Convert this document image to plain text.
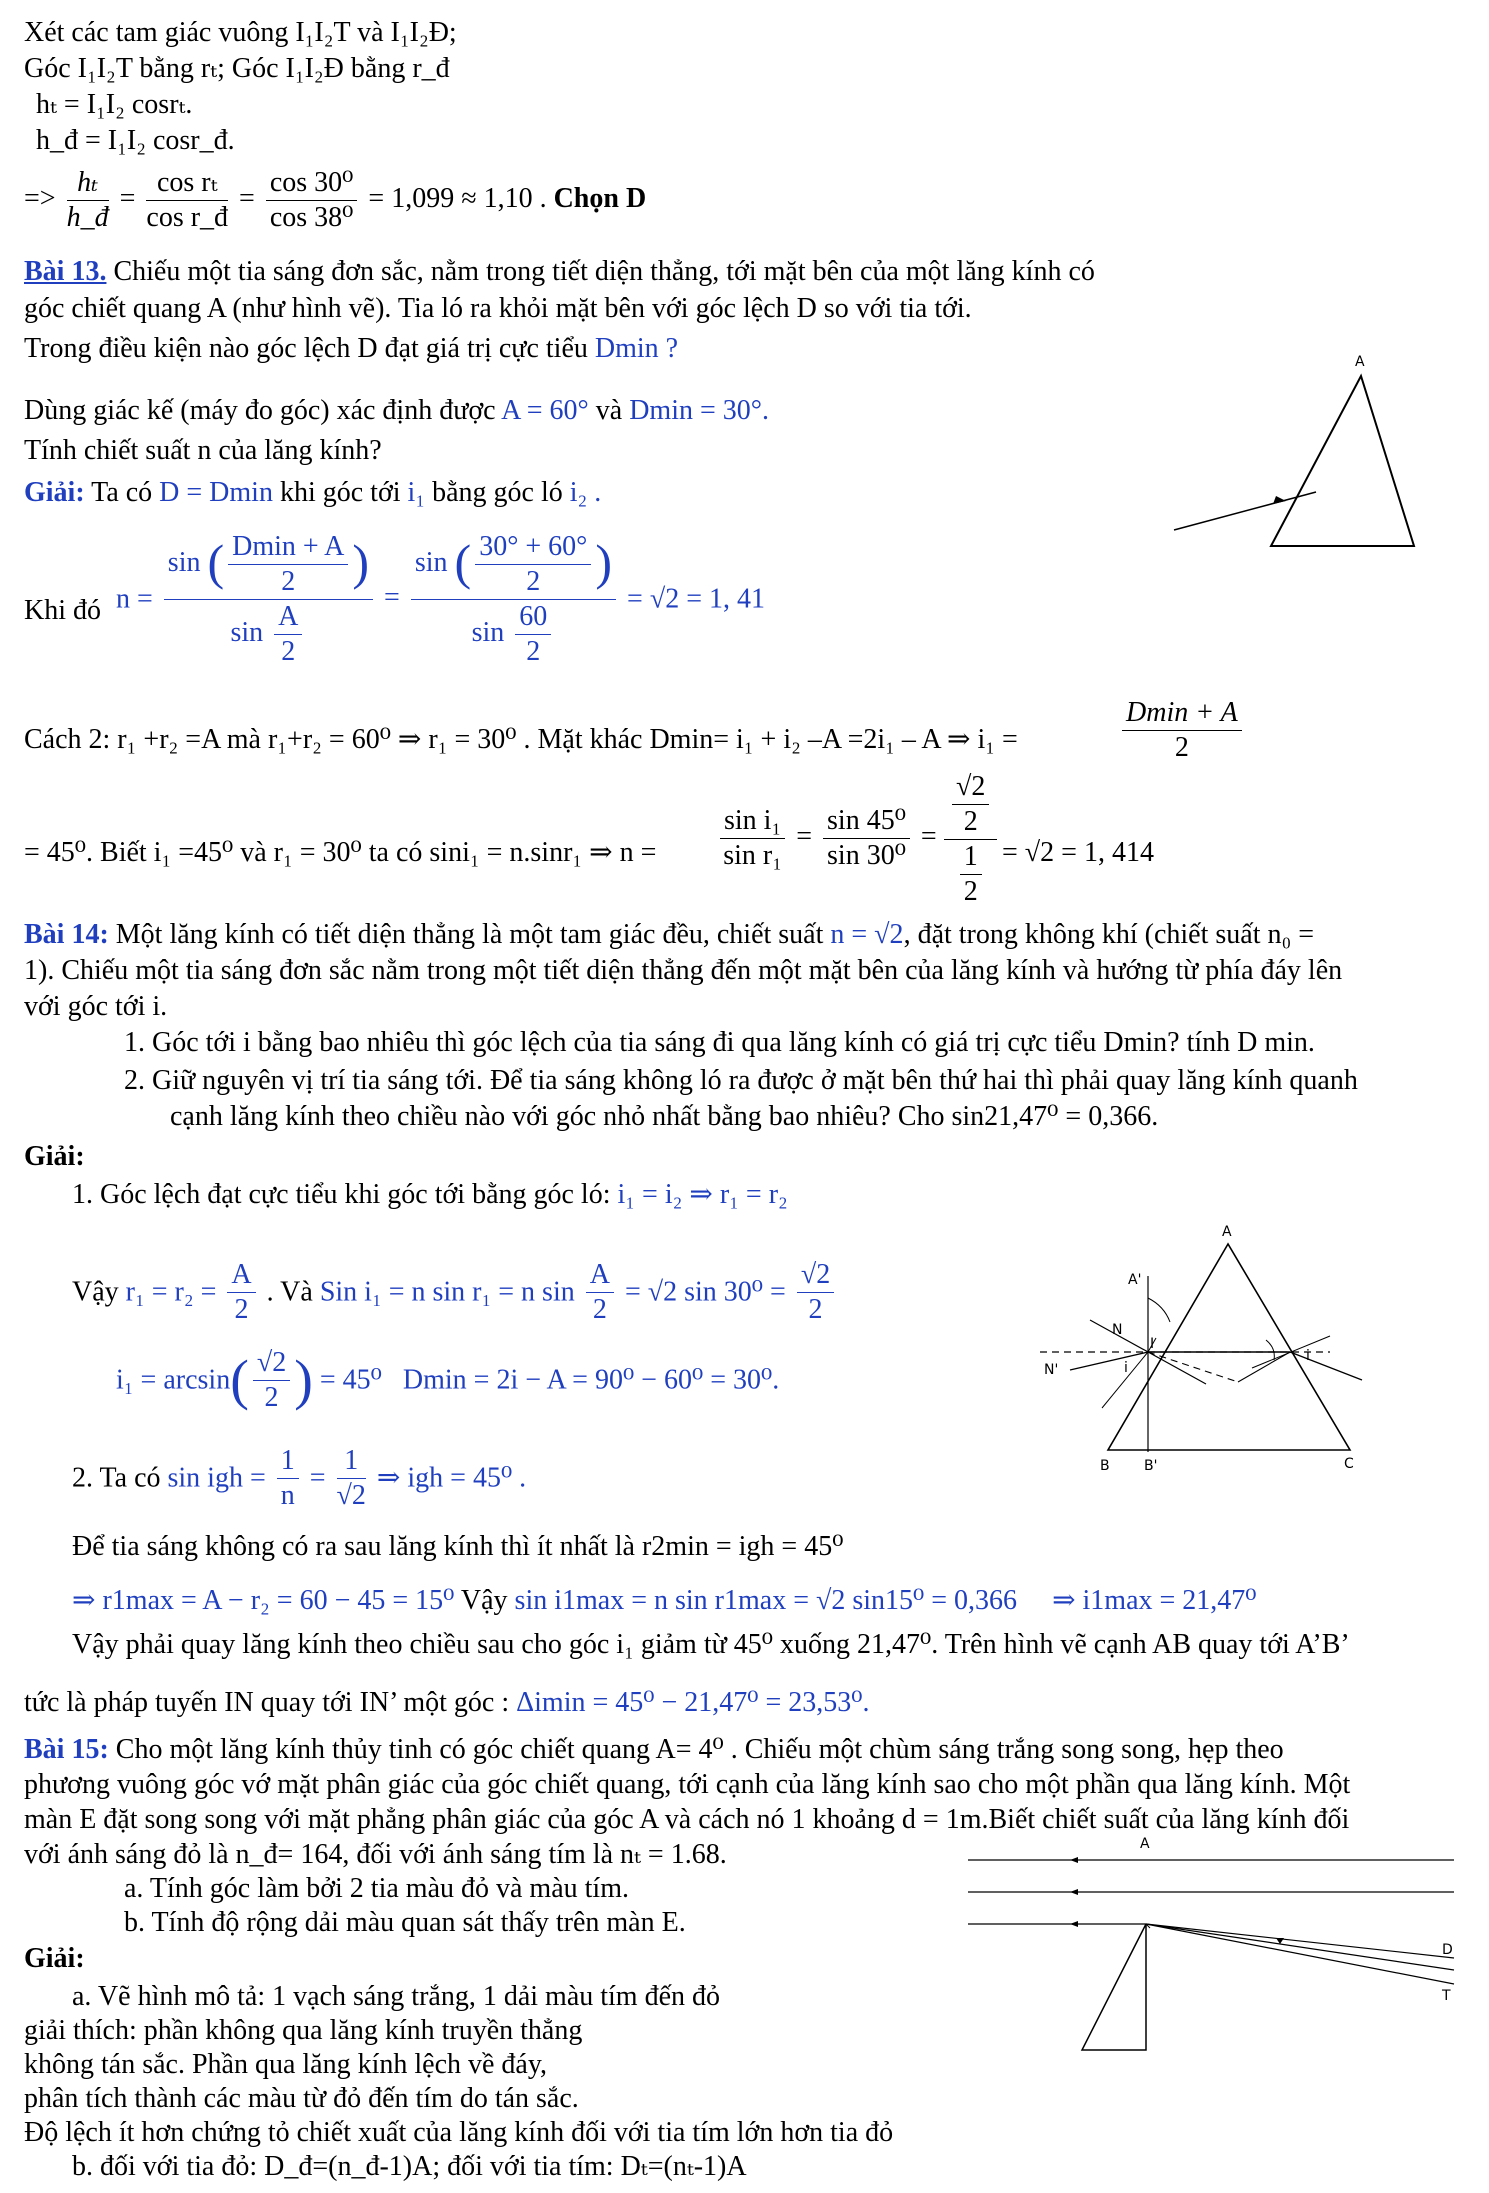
Xét các tam giác vuông I₁I₂T và I₁I₂Đ;
Góc I₁I₂T bằng rₜ; Góc I₁I₂Đ bằng r_đ
hₜ = I₁I₂ cosrₜ.
h_đ = I₁I₂ cosr_đ.
=> $\frac{\text{hₜ}}{h\_đ} = \frac{\text{cos rₜ}}{\text{cos r\_đ}} = \frac{\text{cos 30⁰}}{\text{cos 38⁰}} = 1,099 \approx 1,10$ . Chọn D
Bài 13. Chiếu một tia sáng đơn sắc, nằm trong tiết diện thẳng, tới mặt bên của một lăng kính có
góc chiết quang A (như hình vẽ). Tia ló ra khỏi mặt bên với góc lệch D so với tia tới.
Trong điều kiện nào góc lệch D đạt giá trị cực tiểu Dmin ?
Dùng giác kế (máy đo góc) xác định được A = 60° và Dmin = 30°.
Tính chiết suất n của lăng kính?
Giải: Ta có D = Dmin khi góc tới i₁ bằng góc ló i₂ .
Khi đó $n = \frac{\sin ( \frac{Dmin + A}{2} )}{\sin \frac{A}{2}} = \frac{\sin ( \frac{30^\circ + 60^\circ}{2} )}{\sin \frac{60}{2}} = √2 = 1$, 41
Cách 2: r₁ +r₂ =A mà r₁+r₂ = 60⁰ ⇒ r₁ = 30⁰ . Mặt khác Dmin= i₁ + i₂ –A =2i₁ – A ⇒ i₁ =	$\frac{Dmin + A}{2}$
= 45⁰. Biết i₁ =45⁰ và r₁ = 30⁰ ta có sini₁ = n.sinr₁ ⇒ $n = \frac{\text{sin i₁}}{\text{sin r₁}} = \frac{\text{sin 45⁰}}{\text{sin 30⁰}} = \frac{\frac{√2}{2}}{\frac{1}{2}} = √2 = 1$, 414
A
Bài 14: Một lăng kính có tiết diện thẳng là một tam giác đều, chiết suất n = √2, đặt trong không khí (chiết suất n₀ =
1). Chiếu một tia sáng đơn sắc nằm trong một tiết diện thẳng đến một mặt bên của lăng kính và hướng từ phía đáy lên
với góc tới i.
1. Góc tới i bằng bao nhiêu thì góc lệch của tia sáng đi qua lăng kính có giá trị cực tiểu Dmin? tính D min.
2. Giữ nguyên vị trí tia sáng tới. Để tia sáng không ló ra được ở mặt bên thứ hai thì phải quay lăng kính quanh
cạnh lăng kính theo chiều nào với góc nhỏ nhất bằng bao nhiêu? Cho sin21,47⁰ = 0,366.
Giải:
1. Góc lệch đạt cực tiểu khi góc tới bằng góc ló: i₁ = i₂ ⇒ r₁ = r₂
Vậy $r_1 = r_2 = \frac{A}{2}$ . Và Sin i₁ = n sin r₁ = n $\sin \frac{A}{2} = √2$ $\sin 30^0 = \frac{√2}{2}$
$i_1 = \arcsin( \frac{√2}{2}$ ) = 45⁰ Dmin = 2i − A = 90⁰ − 60⁰ = 30⁰.
2. Ta có sin igh = $\frac{1}{n} = \frac{1}{√2}$ ⇒ igh = 45⁰ .
Để tia sáng không có ra sau lăng kính thì ít nhất là r2min = igh = 45⁰
⇒ r1max = A − r₂ = 60 − 45 = 15⁰ Vậy sin i1max = n sin r1max = √2 sin15⁰ = 0,366 ⇒ i1max = 21,47⁰
Vậy phải quay lăng kính theo chiều sau cho góc i₁ giảm từ 45⁰ xuống 21,47⁰. Trên hình vẽ cạnh AB quay tới A’B’
tức là pháp tuyến IN quay tới IN’ một góc : Δimin = 45⁰ − 21,47⁰ = 23,53⁰.
A
A'
N
N'
I
i
i
B B'	C
Bài 15: Cho một lăng kính thủy tinh có góc chiết quang A= 4⁰ . Chiếu một chùm sáng trắng song song, hẹp theo
phương vuông góc vớ mặt phân giác của góc chiết quang, tới cạnh của lăng kính sao cho một phần qua lăng kính. Một
màn E đặt song song với mặt phẳng phân giác của góc A và cách nó 1 khoảng d = 1m.Biết chiết suất của lăng kính đối
với ánh sáng đỏ là n_đ= 164, đối với ánh sáng tím là nₜ = 1.68.
a. Tính góc làm bởi 2 tia màu đỏ và màu tím.
b. Tính độ rộng dải màu quan sát thấy trên màn E.
Giải:
a. Vẽ hình mô tả: 1 vạch sáng trắng, 1 dải màu tím đến đỏ
giải thích: phần không qua lăng kính truyền thẳng
không tán sắc. Phần qua lăng kính lệch về đáy,
phân tích thành các màu từ đỏ đến tím do tán sắc.
Độ lệch ít hơn chứng tỏ chiết xuất của lăng kính đối với tia tím lớn hơn tia đỏ
b. đối với tia đỏ: D_đ=(n_đ-1)A; đối với tia tím: Dₜ=(nₜ-1)A
A
D
T
